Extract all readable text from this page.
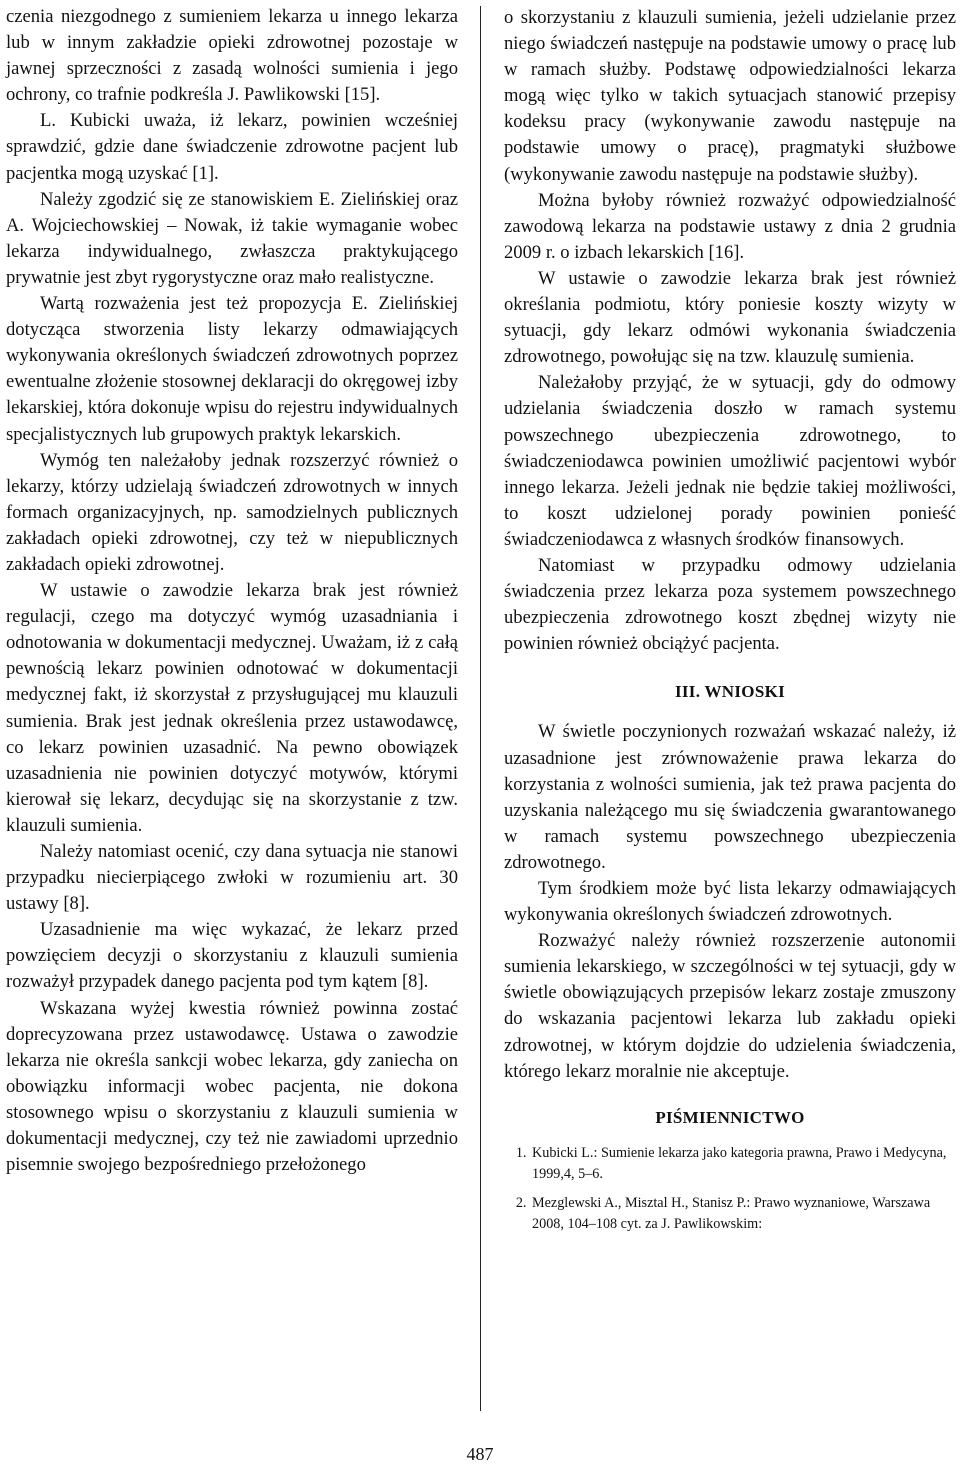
czenia niezgodnego z sumieniem lekarza u innego lekarza lub w innym zakładzie opieki zdrowotnej pozostaje w jawnej sprzeczności z zasadą wolności sumienia i jego ochrony, co trafnie podkreśla J. Pawlikowski [15].

L. Kubicki uważa, iż lekarz, powinien wcześniej sprawdzić, gdzie dane świadczenie zdrowotne pacjent lub pacjentka mogą uzyskać [1].

Należy zgodzić się ze stanowiskiem E. Zielińskiej oraz A. Wojciechowskiej – Nowak, iż takie wymaganie wobec lekarza indywidualnego, zwłaszcza praktykującego prywatnie jest zbyt rygorystyczne oraz mało realistyczne.

Wartą rozważenia jest też propozycja E. Zielińskiej dotycząca stworzenia listy lekarzy odmawiających wykonywania określonych świadczeń zdrowotnych poprzez ewentualne złożenie stosownej deklaracji do okręgowej izby lekarskiej, która dokonuje wpisu do rejestru indywidualnych specjalistycznych lub grupowych praktyk lekarskich.

Wymóg ten należałoby jednak rozszerzyć również o lekarzy, którzy udzielają świadczeń zdrowotnych w innych formach organizacyjnych, np. samodzielnych publicznych zakładach opieki zdrowotnej, czy też w niepublicznych zakładach opieki zdrowotnej.

W ustawie o zawodzie lekarza brak jest również regulacji, czego ma dotyczyć wymóg uzasadniania i odnotowania w dokumentacji medycznej. Uważam, iż z całą pewnością lekarz powinien odnotować w dokumentacji medycznej fakt, iż skorzystał z przysługującej mu klauzuli sumienia. Brak jest jednak określenia przez ustawodawcę, co lekarz powinien uzasadnić. Na pewno obowiązek uzasadnienia nie powinien dotyczyć motywów, którymi kierował się lekarz, decydując się na skorzystanie z tzw. klauzuli sumienia.

Należy natomiast ocenić, czy dana sytuacja nie stanowi przypadku niecierpiącego zwłoki w rozumieniu art. 30 ustawy [8].

Uzasadnienie ma więc wykazać, że lekarz przed powzięciem decyzji o skorzystaniu z klauzuli sumienia rozważył przypadek danego pacjenta pod tym kątem [8].

Wskazana wyżej kwestia również powinna zostać doprecyzowana przez ustawodawcę. Ustawa o zawodzie lekarza nie określa sankcji wobec lekarza, gdy zaniecha on obowiązku informacji wobec pacjenta, nie dokona stosownego wpisu o skorzystaniu z klauzuli sumienia w dokumentacji medycznej, czy też nie zawiadomi uprzednio pisemnie swojego bezpośredniego przełożonego

o skorzystaniu z klauzuli sumienia, jeżeli udzielanie przez niego świadczeń następuje na podstawie umowy o pracę lub w ramach służby. Podstawę odpowiedzialności lekarza mogą więc tylko w takich sytuacjach stanowić przepisy kodeksu pracy (wykonywanie zawodu następuje na podstawie umowy o pracę), pragmatyki służbowe (wykonywanie zawodu następuje na podstawie służby).

Można byłoby również rozważyć odpowiedzialność zawodową lekarza na podstawie ustawy z dnia 2 grudnia 2009 r. o izbach lekarskich [16].

W ustawie o zawodzie lekarza brak jest również określania podmiotu, który poniesie koszty wizyty w sytuacji, gdy lekarz odmówi wykonania świadczenia zdrowotnego, powołując się na tzw. klauzulę sumienia.

Należałoby przyjąć, że w sytuacji, gdy do odmowy udzielania świadczenia doszło w ramach systemu powszechnego ubezpieczenia zdrowotnego, to świadczeniodawca powinien umożliwić pacjentowi wybór innego lekarza. Jeżeli jednak nie będzie takiej możliwości, to koszt udzielonej porady powinien ponieść świadczeniodawca z własnych środków finansowych.

Natomiast w przypadku odmowy udzielania świadczenia przez lekarza poza systemem powszechnego ubezpieczenia zdrowotnego koszt zbędnej wizyty nie powinien również obciążyć pacjenta.

III. WNIOSKI

W świetle poczynionych rozważań wskazać należy, iż uzasadnione jest zrównoważenie prawa lekarza do korzystania z wolności sumienia, jak też prawa pacjenta do uzyskania należącego mu się świadczenia gwarantowanego w ramach systemu powszechnego ubezpieczenia zdrowotnego.

Tym środkiem może być lista lekarzy odmawiających wykonywania określonych świadczeń zdrowotnych.

Rozważyć należy również rozszerzenie autonomii sumienia lekarskiego, w szczególności w tej sytuacji, gdy w świetle obowiązujących przepisów lekarz zostaje zmuszony do wskazania pacjentowi lekarza lub zakładu opieki zdrowotnej, w którym dojdzie do udzielenia świadczenia, którego lekarz moralnie nie akceptuje.

PIŚMIENNICTWO
1. Kubicki L.: Sumienie lekarza jako kategoria prawna, Prawo i Medycyna, 1999,4, 5–6.
2. Mezglewski A., Misztal H., Stanisz P.: Prawo wyznaniowe, Warszawa 2008, 104–108 cyt. za J. Pawlikowskim:
487
